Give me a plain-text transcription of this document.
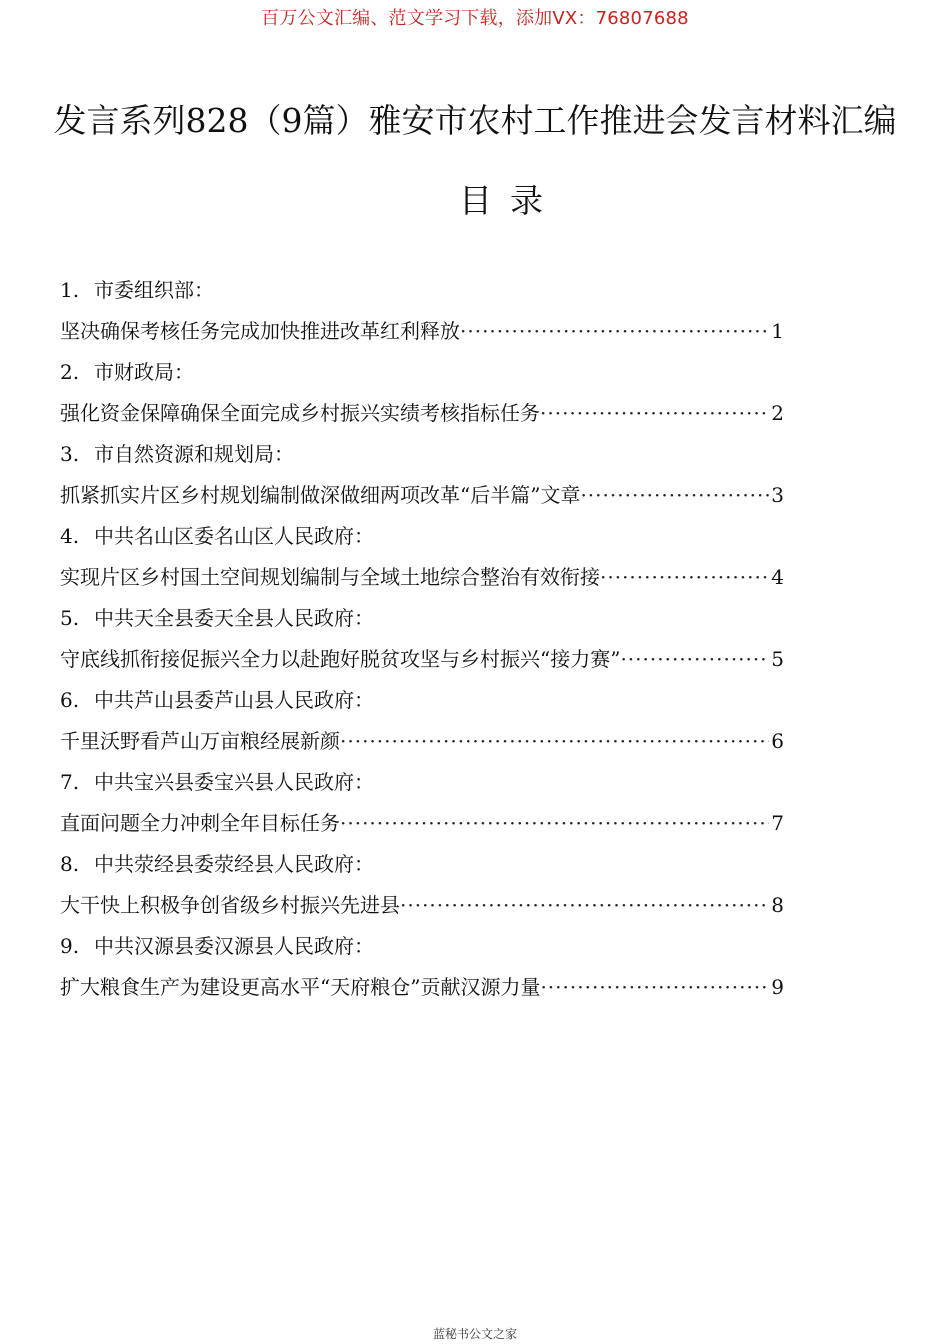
百万公文汇编、范文学习下载，添加VX：76807688
发言系列828（9篇）雅安市农村工作推进会发言材料汇编
目录
1. 市委组织部：
坚决确保考核任务完成加快推进改革红利释放 ·····	1
2. 市财政局：
强化资金保障确保全面完成乡村振兴实绩考核指标任务 ·····	2
3. 市自然资源和规划局：
抓紧抓实片区乡村规划编制做深做细两项改革“后半篇”文章 ·····	3
4. 中共名山区委名山区人民政府：
实现片区乡村国土空间规划编制与全域土地综合整治有效衔接 ·····	4
5. 中共天全县委天全县人民政府：
守底线抓衔接促振兴全力以赴跑好脱贫攻坚与乡村振兴“接力赛” ·····	5
6. 中共芦山县委芦山县人民政府：
千里沃野看芦山万亩粮经展新颜 ·····	6
7. 中共宝兴县委宝兴县人民政府：
直面问题全力冲刺全年目标任务 ·····	7
8. 中共荥经县委荥经县人民政府：
大干快上积极争创省级乡村振兴先进县 ·····	8
9. 中共汉源县委汉源县人民政府：
扩大粮食生产为建设更高水平“天府粮仓”贡献汉源力量 ·····	9
蓝秘书公文之家
